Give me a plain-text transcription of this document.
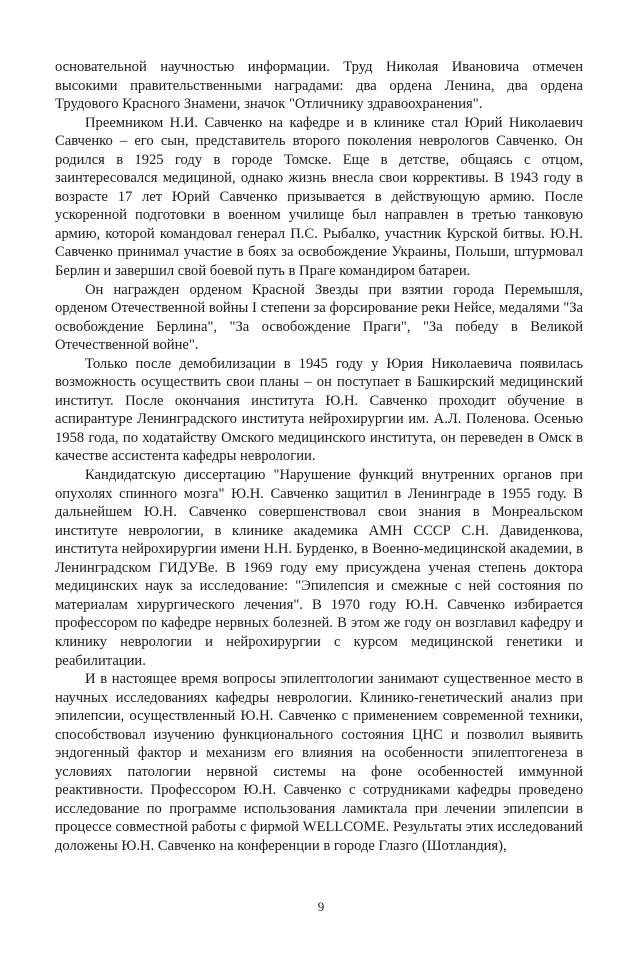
основательной научностью информации. Труд Николая Ивановича отмечен высокими правительственными наградами: два ордена Ленина, два ордена Трудового Красного Знамени, значок "Отличнику здравоохранения".

Преемником Н.И. Савченко на кафедре и в клинике стал Юрий Николаевич Савченко – его сын, представитель второго поколения неврологов Савченко. Он родился в 1925 году в городе Томске. Еще в детстве, общаясь с отцом, заинтересовался медициной, однако жизнь внесла свои коррективы. В 1943 году в возрасте 17 лет Юрий Савченко призывается в действующую армию. После ускоренной подготовки в военном училище был направлен в третью танковую армию, которой командовал генерал П.С. Рыбалко, участник Курской битвы. Ю.Н. Савченко принимал участие в боях за освобождение Украины, Польши, штурмовал Берлин и завершил свой боевой путь в Праге командиром батареи.

Он награжден орденом Красной Звезды при взятии города Перемышля, орденом Отечественной войны I степени за форсирование реки Нейсе, медалями "За освобождение Берлина", "За освобождение Праги", "За победу в Великой Отечественной войне".

Только после демобилизации в 1945 году у Юрия Николаевича появилась возможность осуществить свои планы – он поступает в Башкирский медицинский институт. После окончания института Ю.Н. Савченко проходит обучение в аспирантуре Ленинградского института нейрохирургии им. А.Л. Поленова. Осенью 1958 года, по ходатайству Омского медицинского института, он переведен в Омск в качестве ассистента кафедры неврологии.

Кандидатскую диссертацию "Нарушение функций внутренних органов при опухолях спинного мозга" Ю.Н. Савченко защитил в Ленинграде в 1955 году. В дальнейшем Ю.Н. Савченко совершенствовал свои знания в Монреальском институте неврологии, в клинике академика АМН СССР С.Н. Давиденкова, института нейрохирургии имени Н.Н. Бурденко, в Военно-медицинской академии, в Ленинградском ГИДУВе. В 1969 году ему присуждена ученая степень доктора медицинских наук за исследование: "Эпилепсия и смежные с ней состояния по материалам хирургического лечения". В 1970 году Ю.Н. Савченко избирается профессором по кафедре нервных болезней. В этом же году он возглавил кафедру и клинику неврологии и нейрохирургии с курсом медицинской генетики и реабилитации.

И в настоящее время вопросы эпилептологии занимают существенное место в научных исследованиях кафедры неврологии. Клинико-генетический анализ при эпилепсии, осуществленный Ю.Н. Савченко с применением современной техники, способствовал изучению функционального состояния ЦНС и позволил выявить эндогенный фактор и механизм его влияния на особенности эпилептогенеза в условиях патологии нервной системы на фоне особенностей иммунной реактивности. Профессором Ю.Н. Савченко с сотрудниками кафедры проведено исследование по программе использования ламиктала при лечении эпилепсии в процессе совместной работы с фирмой WELLCOME. Результаты этих исследований доложены Ю.Н. Савченко на конференции в городе Глазго (Шотландия),

9
